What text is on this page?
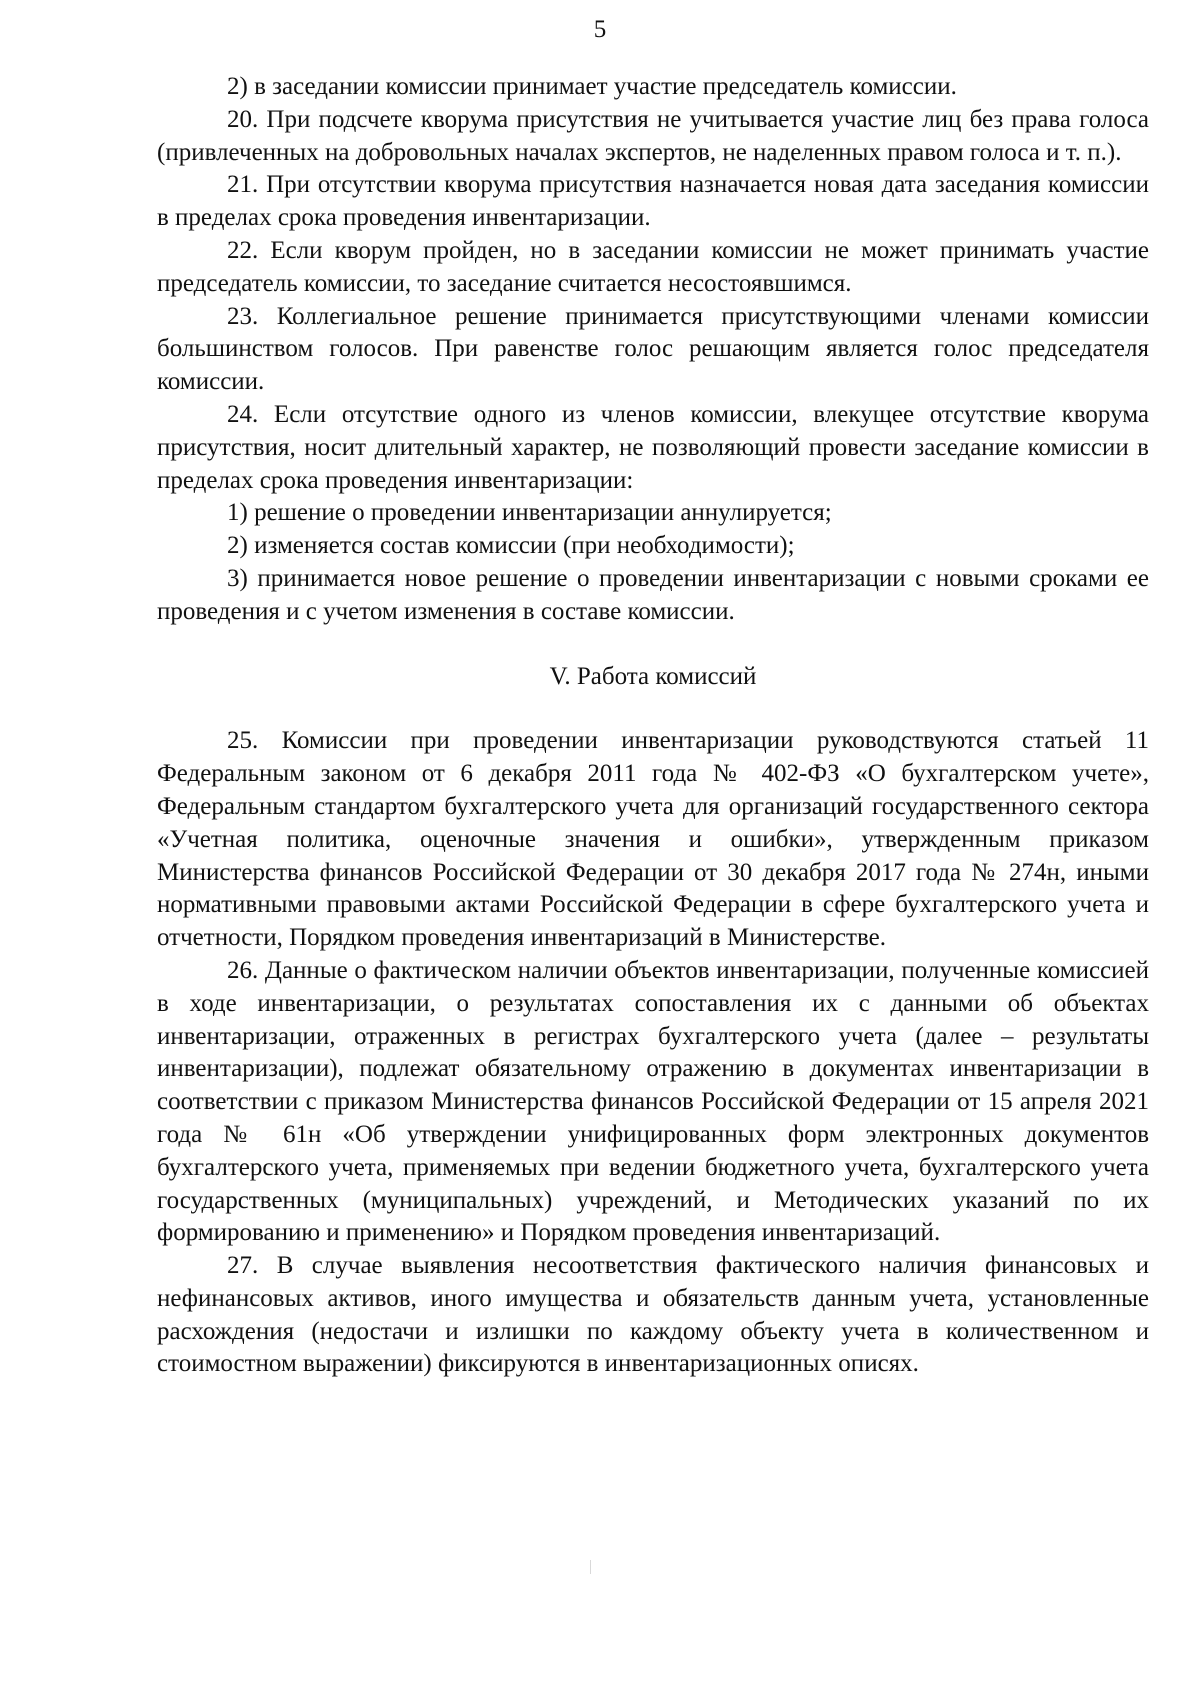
5

2) в заседании комиссии принимает участие председатель комиссии.

20. При подсчете кворума присутствия не учитывается участие лиц без права голоса (привлеченных на добровольных началах экспертов, не наделенных правом голоса и т. п.).

21. При отсутствии кворума присутствия назначается новая дата заседания комиссии в пределах срока проведения инвентаризации.

22. Если кворум пройден, но в заседании комиссии не может принимать участие председатель комиссии, то заседание считается несостоявшимся.

23. Коллегиальное решение принимается присутствующими членами комиссии большинством голосов. При равенстве голос решающим является голос председателя комиссии.

24. Если отсутствие одного из членов комиссии, влекущее отсутствие кворума присутствия, носит длительный характер, не позволяющий провести заседание комиссии в пределах срока проведения инвентаризации:

1) решение о проведении инвентаризации аннулируется;

2) изменяется состав комиссии (при необходимости);

3) принимается новое решение о проведении инвентаризации с новыми сроками ее проведения и с учетом изменения в составе комиссии.

V. Работа комиссий

25. Комиссии при проведении инвентаризации руководствуются статьей 11 Федеральным законом от 6 декабря 2011 года № 402-ФЗ «О бухгалтерском учете», Федеральным стандартом бухгалтерского учета для организаций государственного сектора «Учетная политика, оценочные значения и ошибки», утвержденным приказом Министерства финансов Российской Федерации от 30 декабря 2017 года № 274н, иными нормативными правовыми актами Российской Федерации в сфере бухгалтерского учета и отчетности, Порядком проведения инвентаризаций в Министерстве.

26. Данные о фактическом наличии объектов инвентаризации, полученные комиссией в ходе инвентаризации, о результатах сопоставления их с данными об объектах инвентаризации, отраженных в регистрах бухгалтерского учета (далее – результаты инвентаризации), подлежат обязательному отражению в документах инвентаризации в соответствии с приказом Министерства финансов Российской Федерации от 15 апреля 2021 года № 61н «Об утверждении унифицированных форм электронных документов бухгалтерского учета, применяемых при ведении бюджетного учета, бухгалтерского учета государственных (муниципальных) учреждений, и Методических указаний по их формированию и применению» и Порядком проведения инвентаризаций.

27. В случае выявления несоответствия фактического наличия финансовых и нефинансовых активов, иного имущества и обязательств данным учета, установленные расхождения (недостачи и излишки по каждому объекту учета в количественном и стоимостном выражении) фиксируются в инвентаризационных описях.
